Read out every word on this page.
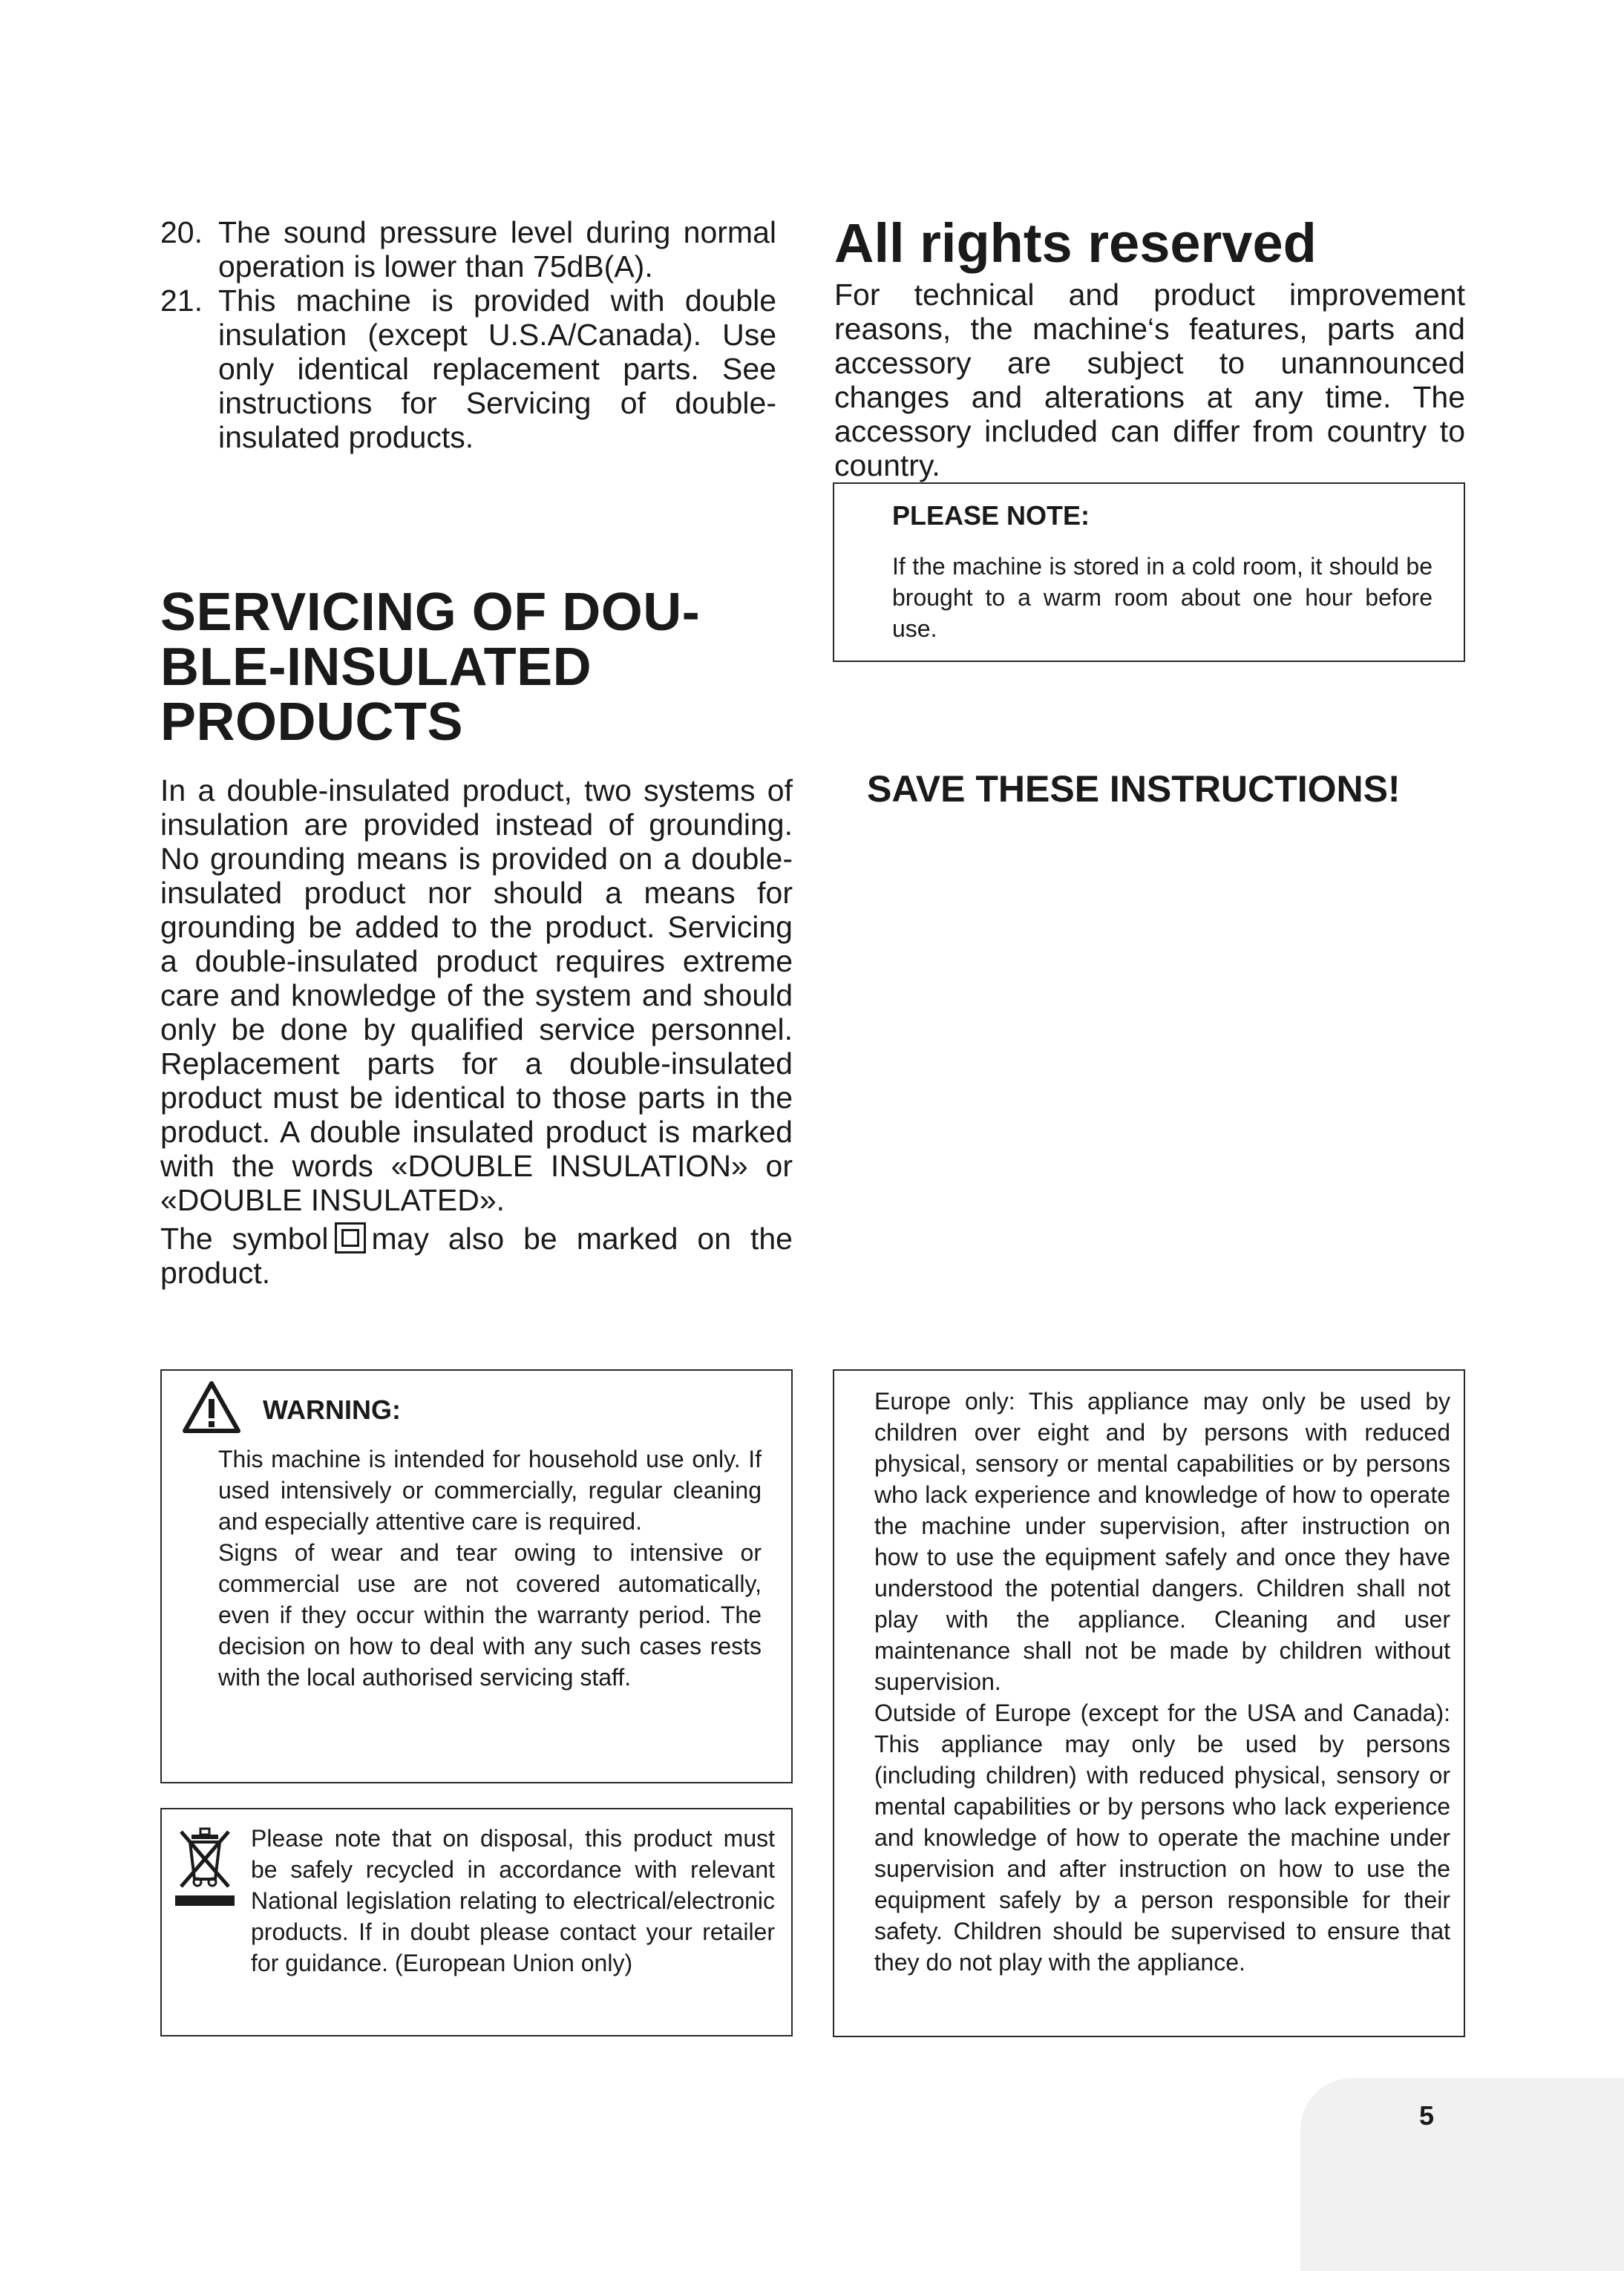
20. The sound pressure level during normal operation is lower than 75dB(A).
21. This machine is provided with double insulation (except U.S.A/Canada). Use only identical replacement parts. See instructions for Servicing of double-insulated products.
SERVICING OF DOU-
BLE-INSULATED
PRODUCTS
In a double-insulated product, two systems of insulation are provided instead of grounding. No grounding means is provided on a double-insulated product nor should a means for grounding be added to the product. Servicing a double-insulated product requires extreme care and knowledge of the system and should only be done by qualified service personnel. Replacement parts for a double-insulated product must be identical to those parts in the product. A double insulated product is marked with the words «DOUBLE INSULATION» or «DOUBLE INSULATED».
The symbol may also be marked on the product.
All rights reserved
For technical and product improvement reasons, the machine‘s features, parts and accessory are subject to unannounced changes and alterations at any time. The accessory included can differ from country to country.
PLEASE NOTE:
If the machine is stored in a cold room, it should be brought to a warm room about one hour before use.
SAVE THESE INSTRUCTIONS!
WARNING:
This machine is intended for household use only. If used intensively or commercially, regular cleaning and especially attentive care is required.
Signs of wear and tear owing to intensive or commercial use are not covered automatically, even if they occur within the warranty period. The decision on how to deal with any such cases rests with the local authorised servicing staff.
Please note that on disposal, this product must be safely recycled in accordance with relevant National legislation relating to electrical/electronic products. If in doubt please contact your retailer for guidance. (European Union only)
Europe only: This appliance may only be used by children over eight and by persons with reduced physical, sensory or mental capabilities or by persons who lack experience and knowledge of how to operate the machine under supervision, after instruction on how to use the equipment safely and once they have understood the potential dangers. Children shall not play with the appliance. Cleaning and user maintenance shall not be made by children without supervision.
Outside of Europe (except for the USA and Canada): This appliance may only be used by persons (including children) with reduced physical, sensory or mental capabilities or by persons who lack experience and knowledge of how to operate the machine under supervision and after instruction on how to use the equipment safely by a person responsible for their safety. Children should be supervised to ensure that they do not play with the appliance.
5
